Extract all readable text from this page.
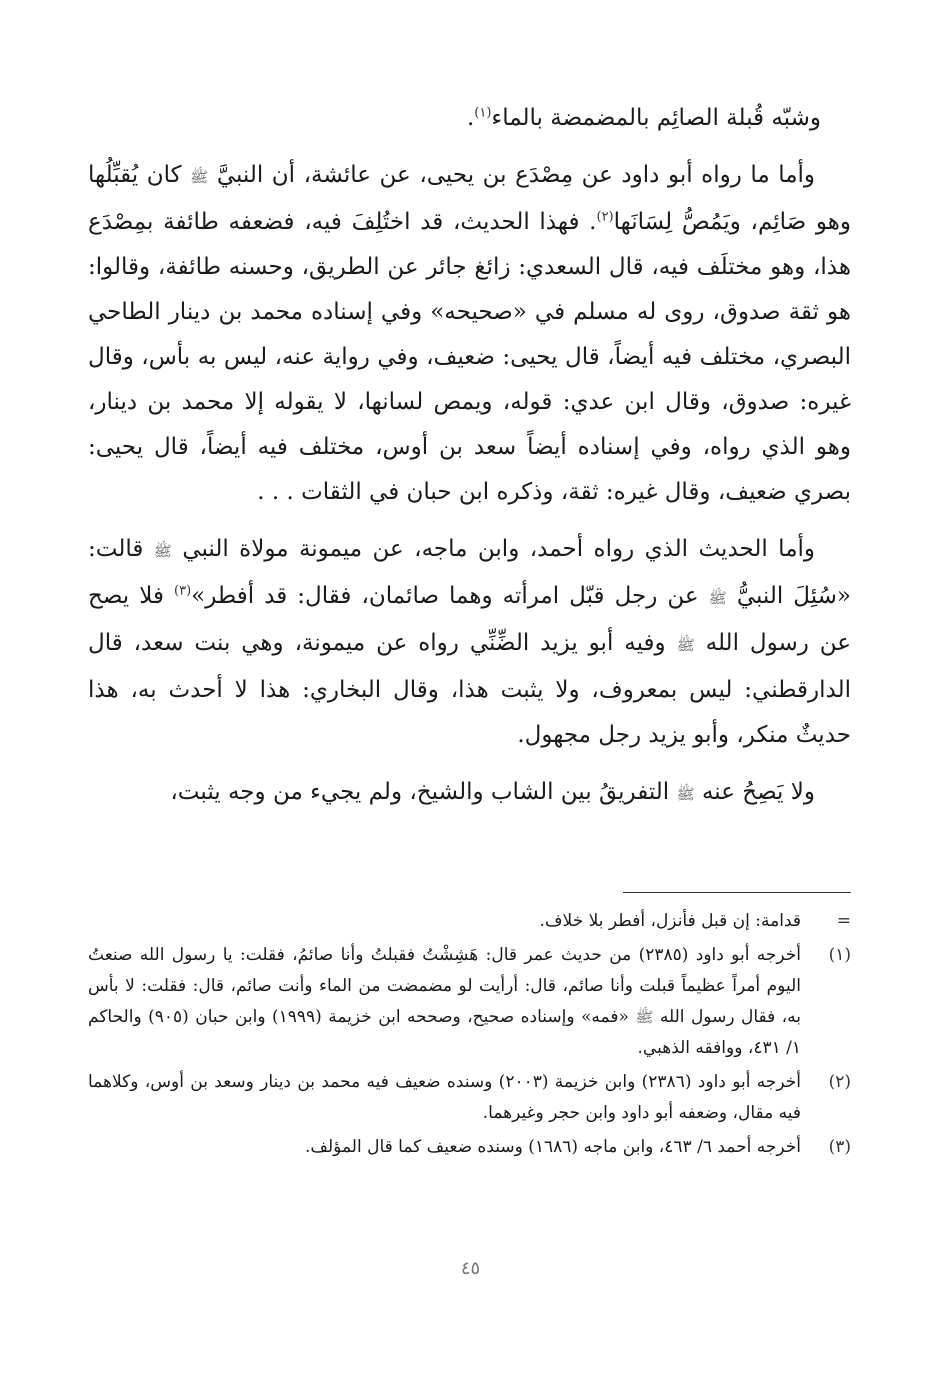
وشبّه قُبلة الصائِم بالمضمضة بالماء$^{(١)}$.

وأما ما رواه أبو داود عن مِصْدَع بن يحيى، عن عائشة، أن النبيَّ ﷺ كان يُقبِّلُها وهو صَائِم، ويَمُصُّ لِسَانَها$^{(٢)}$. فهذا الحديث، قد اختُلِفَ فيه، فضعفه طائفة بمِصْدَع هذا، وهو مختلَف فيه، قال السعدي: زائغ جائر عن الطريق، وحسنه طائفة، وقالوا: هو ثقة صدوق، روى له مسلم في «صحيحه» وفي إسناده محمد بن دينار الطاحي البصري، مختلف فيه أيضاً، قال يحيى: ضعيف، وفي رواية عنه، ليس به بأس، وقال غيره: صدوق، وقال ابن عدي: قوله، ويمص لسانها، لا يقوله إلا محمد بن دينار، وهو الذي رواه، وفي إسناده أيضاً سعد بن أوس، مختلف فيه أيضاً، قال يحيى: بصري ضعيف، وقال غيره: ثقة، وذكره ابن حبان في الثقات . . .

وأما الحديث الذي رواه أحمد، وابن ماجه، عن ميمونة مولاة النبي ﷺ قالت: «سُئِلَ النبيُّ ﷺ عن رجل قبّل امرأته وهما صائمان، فقال: قد أفطر»$^{(٣)}$ فلا يصح عن رسول الله ﷺ وفيه أبو يزيد الضِّنِّي رواه عن ميمونة، وهي بنت سعد، قال الدارقطني: ليس بمعروف، ولا يثبت هذا، وقال البخاري: هذا لا أحدث به، هذا حديثٌ منكر، وأبو يزيد رجل مجهول.

ولا يَصِحُ عنه ﷺ التفريقُ بين الشاب والشيخ، ولم يجيء من وجه يثبت،

=
قدامة: إن قبل فأنزل، أفطر بلا خلاف.

(١)
أخرجه أبو داود (٢٣٨٥) من حديث عمر قال: هَشِشْتُ فقبلتُ وأنا صائمُ، فقلت: يا رسول الله صنعتُ اليوم أمراً عظيماً قبلت وأنا صائم، قال: أرأيت لو مضمضت من الماء وأنت صائم، قال: فقلت: لا بأس به، فقال رسول الله ﷺ «فمه» وإسناده صحيح، وصححه ابن خزيمة (١٩٩٩) وابن حبان (٩٠٥) والحاكم ١/ ٤٣١، ووافقه الذهبي.

(٢)
أخرجه أبو داود (٢٣٨٦) وابن خزيمة (٢٠٠٣) وسنده ضعيف فيه محمد بن دينار وسعد بن أوس، وكلاهما فيه مقال، وضعفه أبو داود وابن حجر وغيرهما.

(٣)
أخرجه أحمد ٦/ ٤٦٣، وابن ماجه (١٦٨٦) وسنده ضعيف كما قال المؤلف.

٤٥
